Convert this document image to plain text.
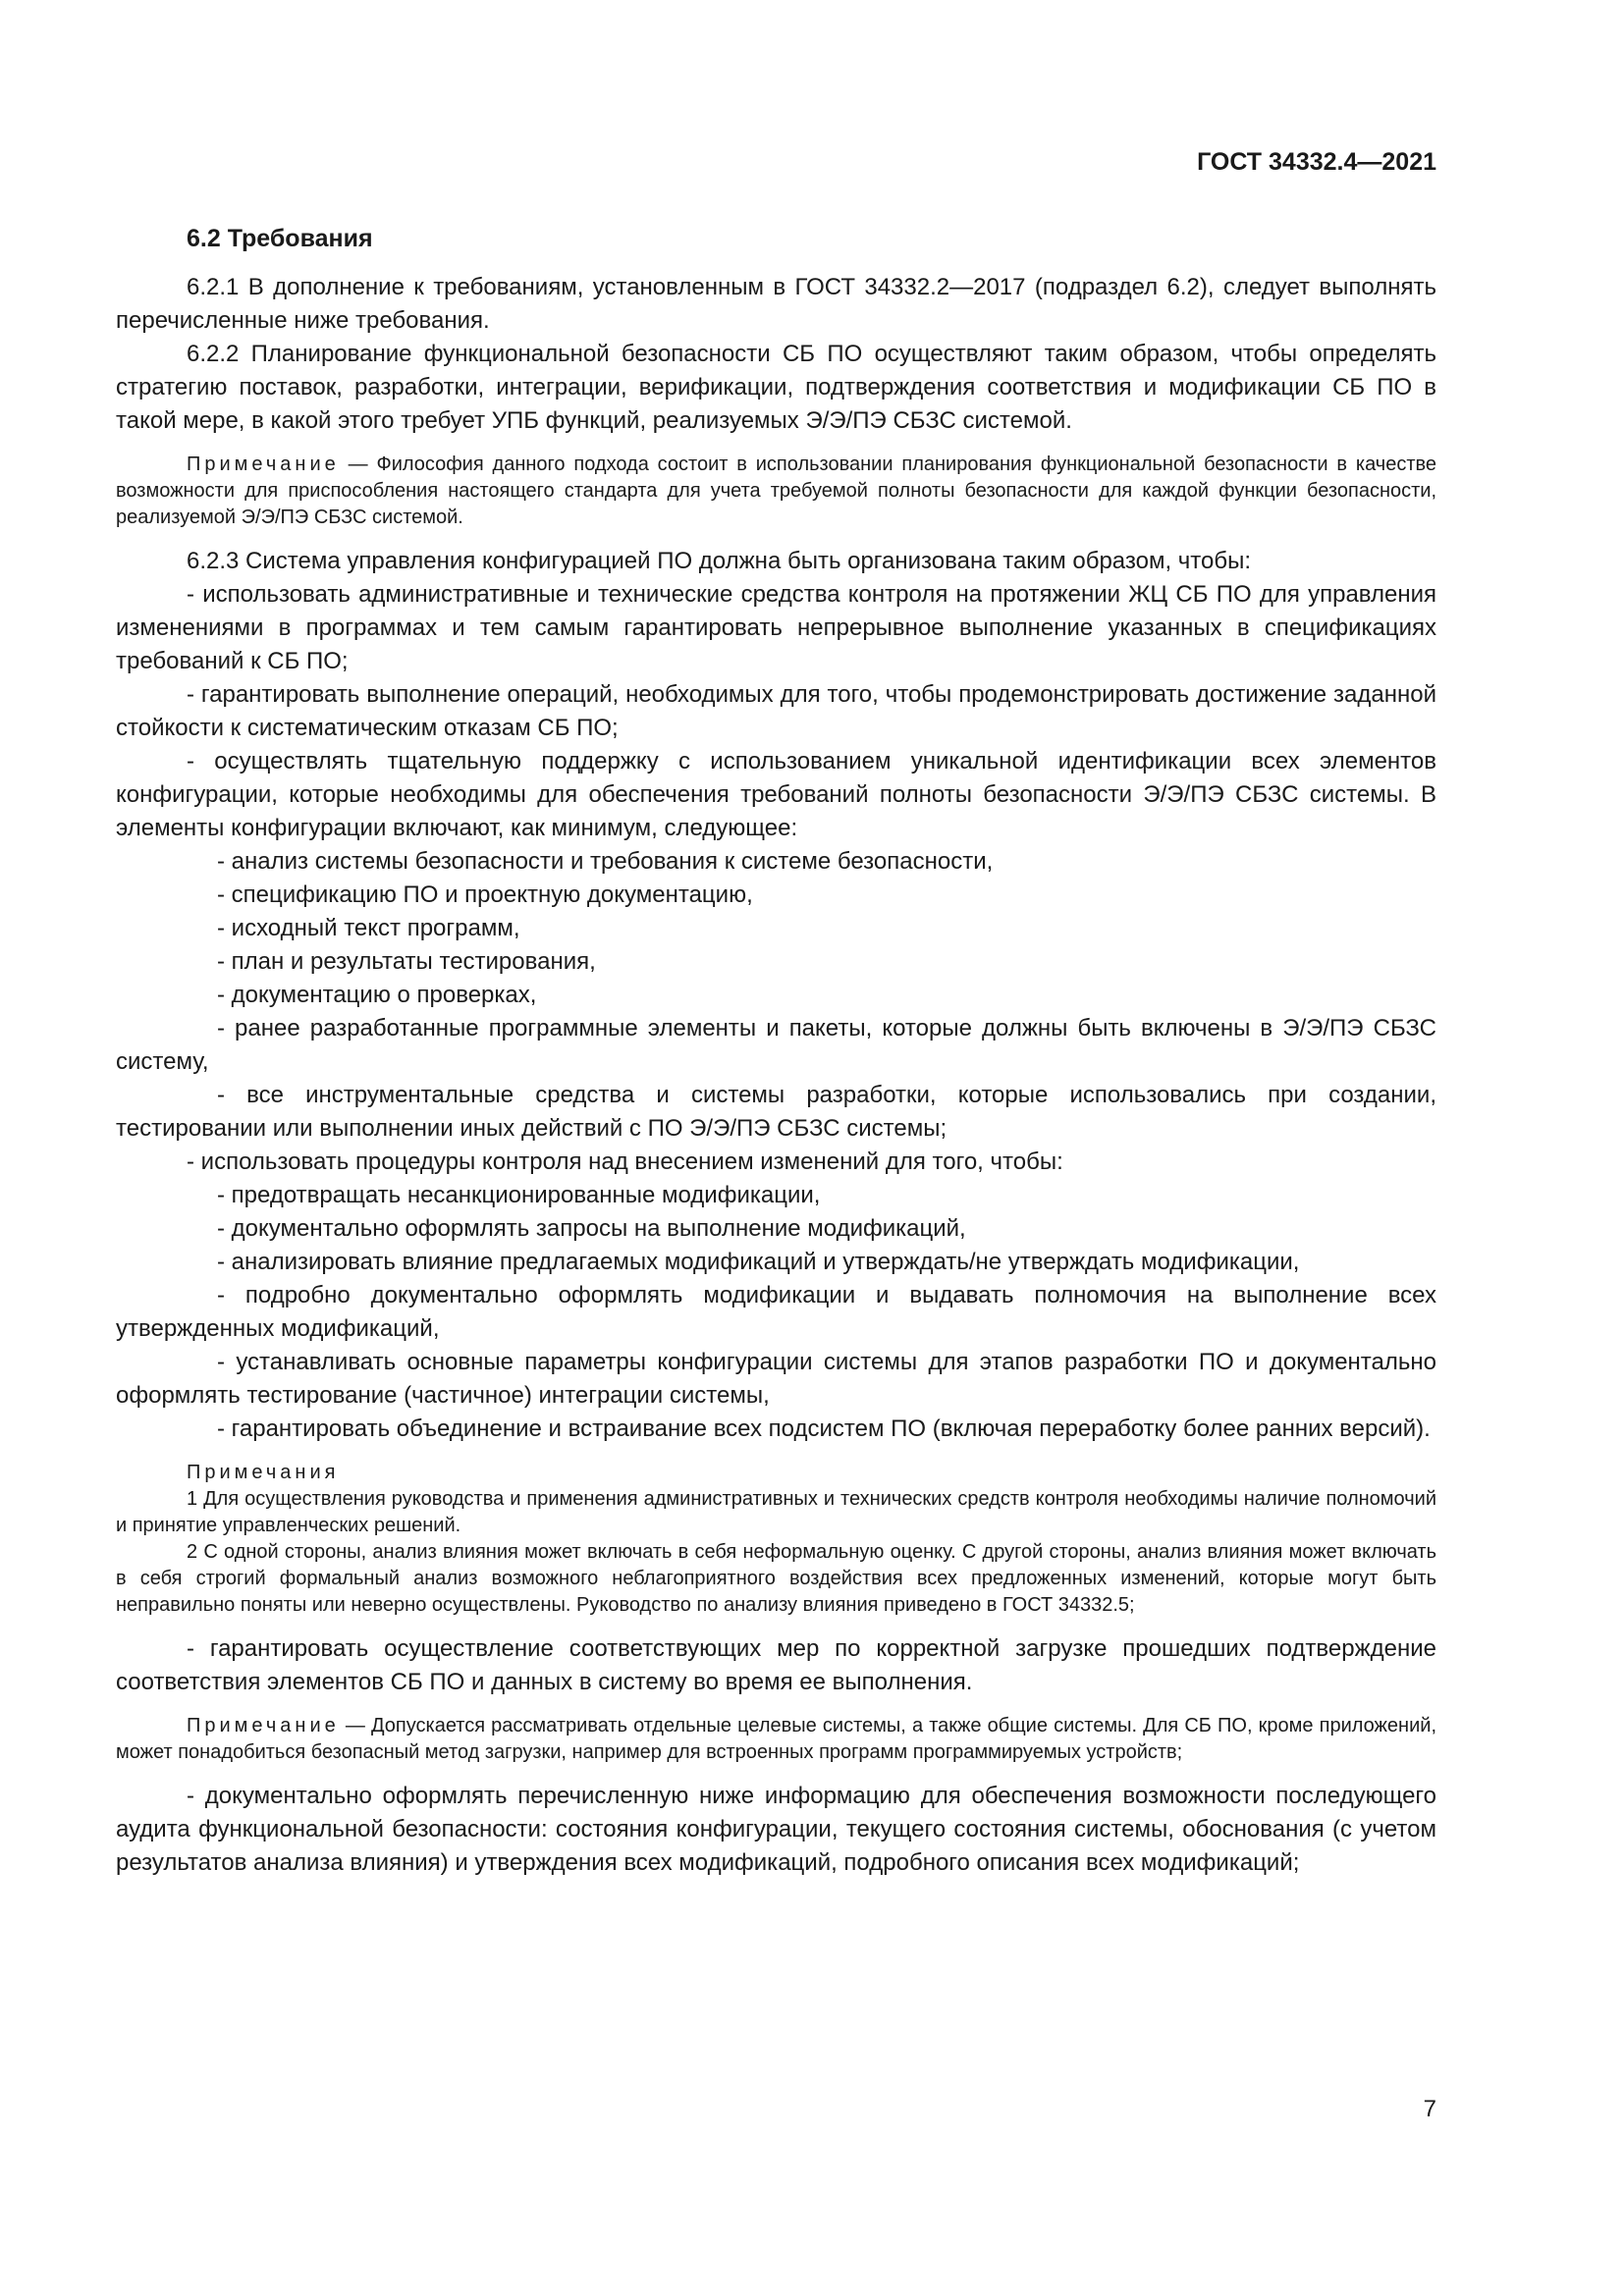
ГОСТ 34332.4—2021
6.2 Требования

6.2.1 В дополнение к требованиям, установленным в ГОСТ 34332.2—2017 (подраздел 6.2), следует выполнять перечисленные ниже требования.

6.2.2 Планирование функциональной безопасности СБ ПО осуществляют таким образом, чтобы определять стратегию поставок, разработки, интеграции, верификации, подтверждения соответствия и модификации СБ ПО в такой мере, в какой этого требует УПБ функций, реализуемых Э/Э/ПЭ СБЗС системой.

Примечание — Философия данного подхода состоит в использовании планирования функциональной безопасности в качестве возможности для приспособления настоящего стандарта для учета требуемой полноты безопасности для каждой функции безопасности, реализуемой Э/Э/ПЭ СБЗС системой.

6.2.3 Система управления конфигурацией ПО должна быть организована таким образом, чтобы:

- использовать административные и технические средства контроля на протяжении ЖЦ СБ ПО для управления изменениями в программах и тем самым гарантировать непрерывное выполнение указанных в спецификациях требований к СБ ПО;

- гарантировать выполнение операций, необходимых для того, чтобы продемонстрировать достижение заданной стойкости к систематическим отказам СБ ПО;

- осуществлять тщательную поддержку с использованием уникальной идентификации всех элементов конфигурации, которые необходимы для обеспечения требований полноты безопасности Э/Э/ПЭ СБЗС системы. В элементы конфигурации включают, как минимум, следующее:

- анализ системы безопасности и требования к системе безопасности,

- спецификацию ПО и проектную документацию,

- исходный текст программ,

- план и результаты тестирования,

- документацию о проверках,

- ранее разработанные программные элементы и пакеты, которые должны быть включены в Э/Э/ПЭ СБЗС систему,

- все инструментальные средства и системы разработки, которые использовались при создании, тестировании или выполнении иных действий с ПО Э/Э/ПЭ СБЗС системы;

- использовать процедуры контроля над внесением изменений для того, чтобы:

- предотвращать несанкционированные модификации,

- документально оформлять запросы на выполнение модификаций,

- анализировать влияние предлагаемых модификаций и утверждать/не утверждать модификации,

- подробно документально оформлять модификации и выдавать полномочия на выполнение всех утвержденных модификаций,

- устанавливать основные параметры конфигурации системы для этапов разработки ПО и документально оформлять тестирование (частичное) интеграции системы,

- гарантировать объединение и встраивание всех подсистем ПО (включая переработку более ранних версий).

Примечания

1 Для осуществления руководства и применения административных и технических средств контроля необходимы наличие полномочий и принятие управленческих решений.

2 С одной стороны, анализ влияния может включать в себя неформальную оценку. С другой стороны, анализ влияния может включать в себя строгий формальный анализ возможного неблагоприятного воздействия всех предложенных изменений, которые могут быть неправильно поняты или неверно осуществлены. Руководство по анализу влияния приведено в ГОСТ 34332.5;

- гарантировать осуществление соответствующих мер по корректной загрузке прошедших подтверждение соответствия элементов СБ ПО и данных в систему во время ее выполнения.

Примечание — Допускается рассматривать отдельные целевые системы, а также общие системы. Для СБ ПО, кроме приложений, может понадобиться безопасный метод загрузки, например для встроенных программ программируемых устройств;

- документально оформлять перечисленную ниже информацию для обеспечения возможности последующего аудита функциональной безопасности: состояния конфигурации, текущего состояния системы, обоснования (с учетом результатов анализа влияния) и утверждения всех модификаций, подробного описания всех модификаций;

7
